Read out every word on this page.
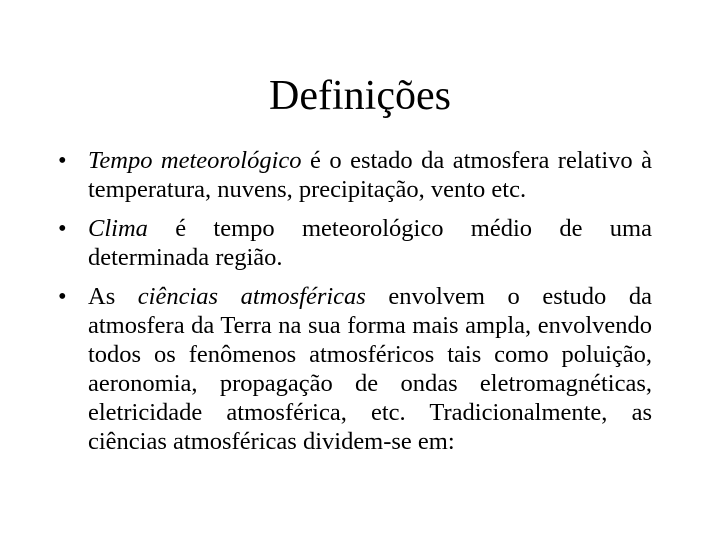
Definições
• Tempo meteorológico é o estado da atmosfera relativo à temperatura, nuvens, precipitação, vento etc.
• Clima é tempo meteorológico médio de uma determinada região.
• As ciências atmosféricas envolvem o estudo da atmosfera da Terra na sua forma mais ampla, envolvendo todos os fenômenos atmosféricos tais como poluição, aeronomia, propagação de ondas eletromagnéticas, eletricidade atmosférica, etc. Tradicionalmente, as ciências atmosféricas dividem-se em:
